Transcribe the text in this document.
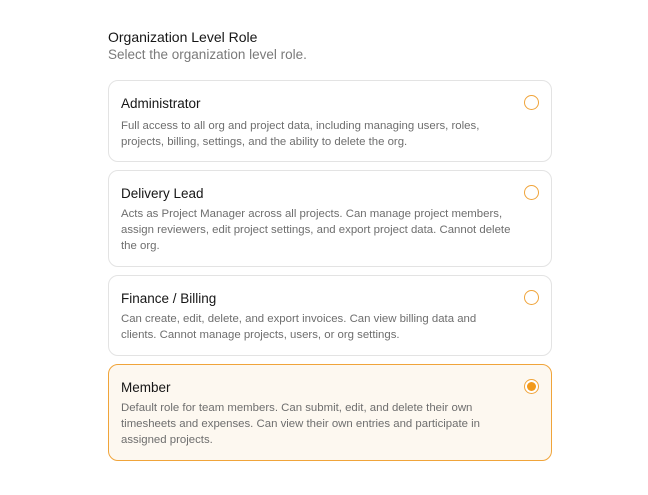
Organization Level Role

Select the organization level role.

Administrator
Full access to all org and project data, including managing users, roles, projects, billing, settings, and the ability to delete the org.
Delivery Lead
Acts as Project Manager across all projects. Can manage project members, assign reviewers, edit project settings, and export project data. Cannot delete the org.
Finance / Billing
Can create, edit, delete, and export invoices. Can view billing data and clients. Cannot manage projects, users, or org settings.
Member
Default role for team members. Can submit, edit, and delete their own timesheets and expenses. Can view their own entries and participate in assigned projects.
